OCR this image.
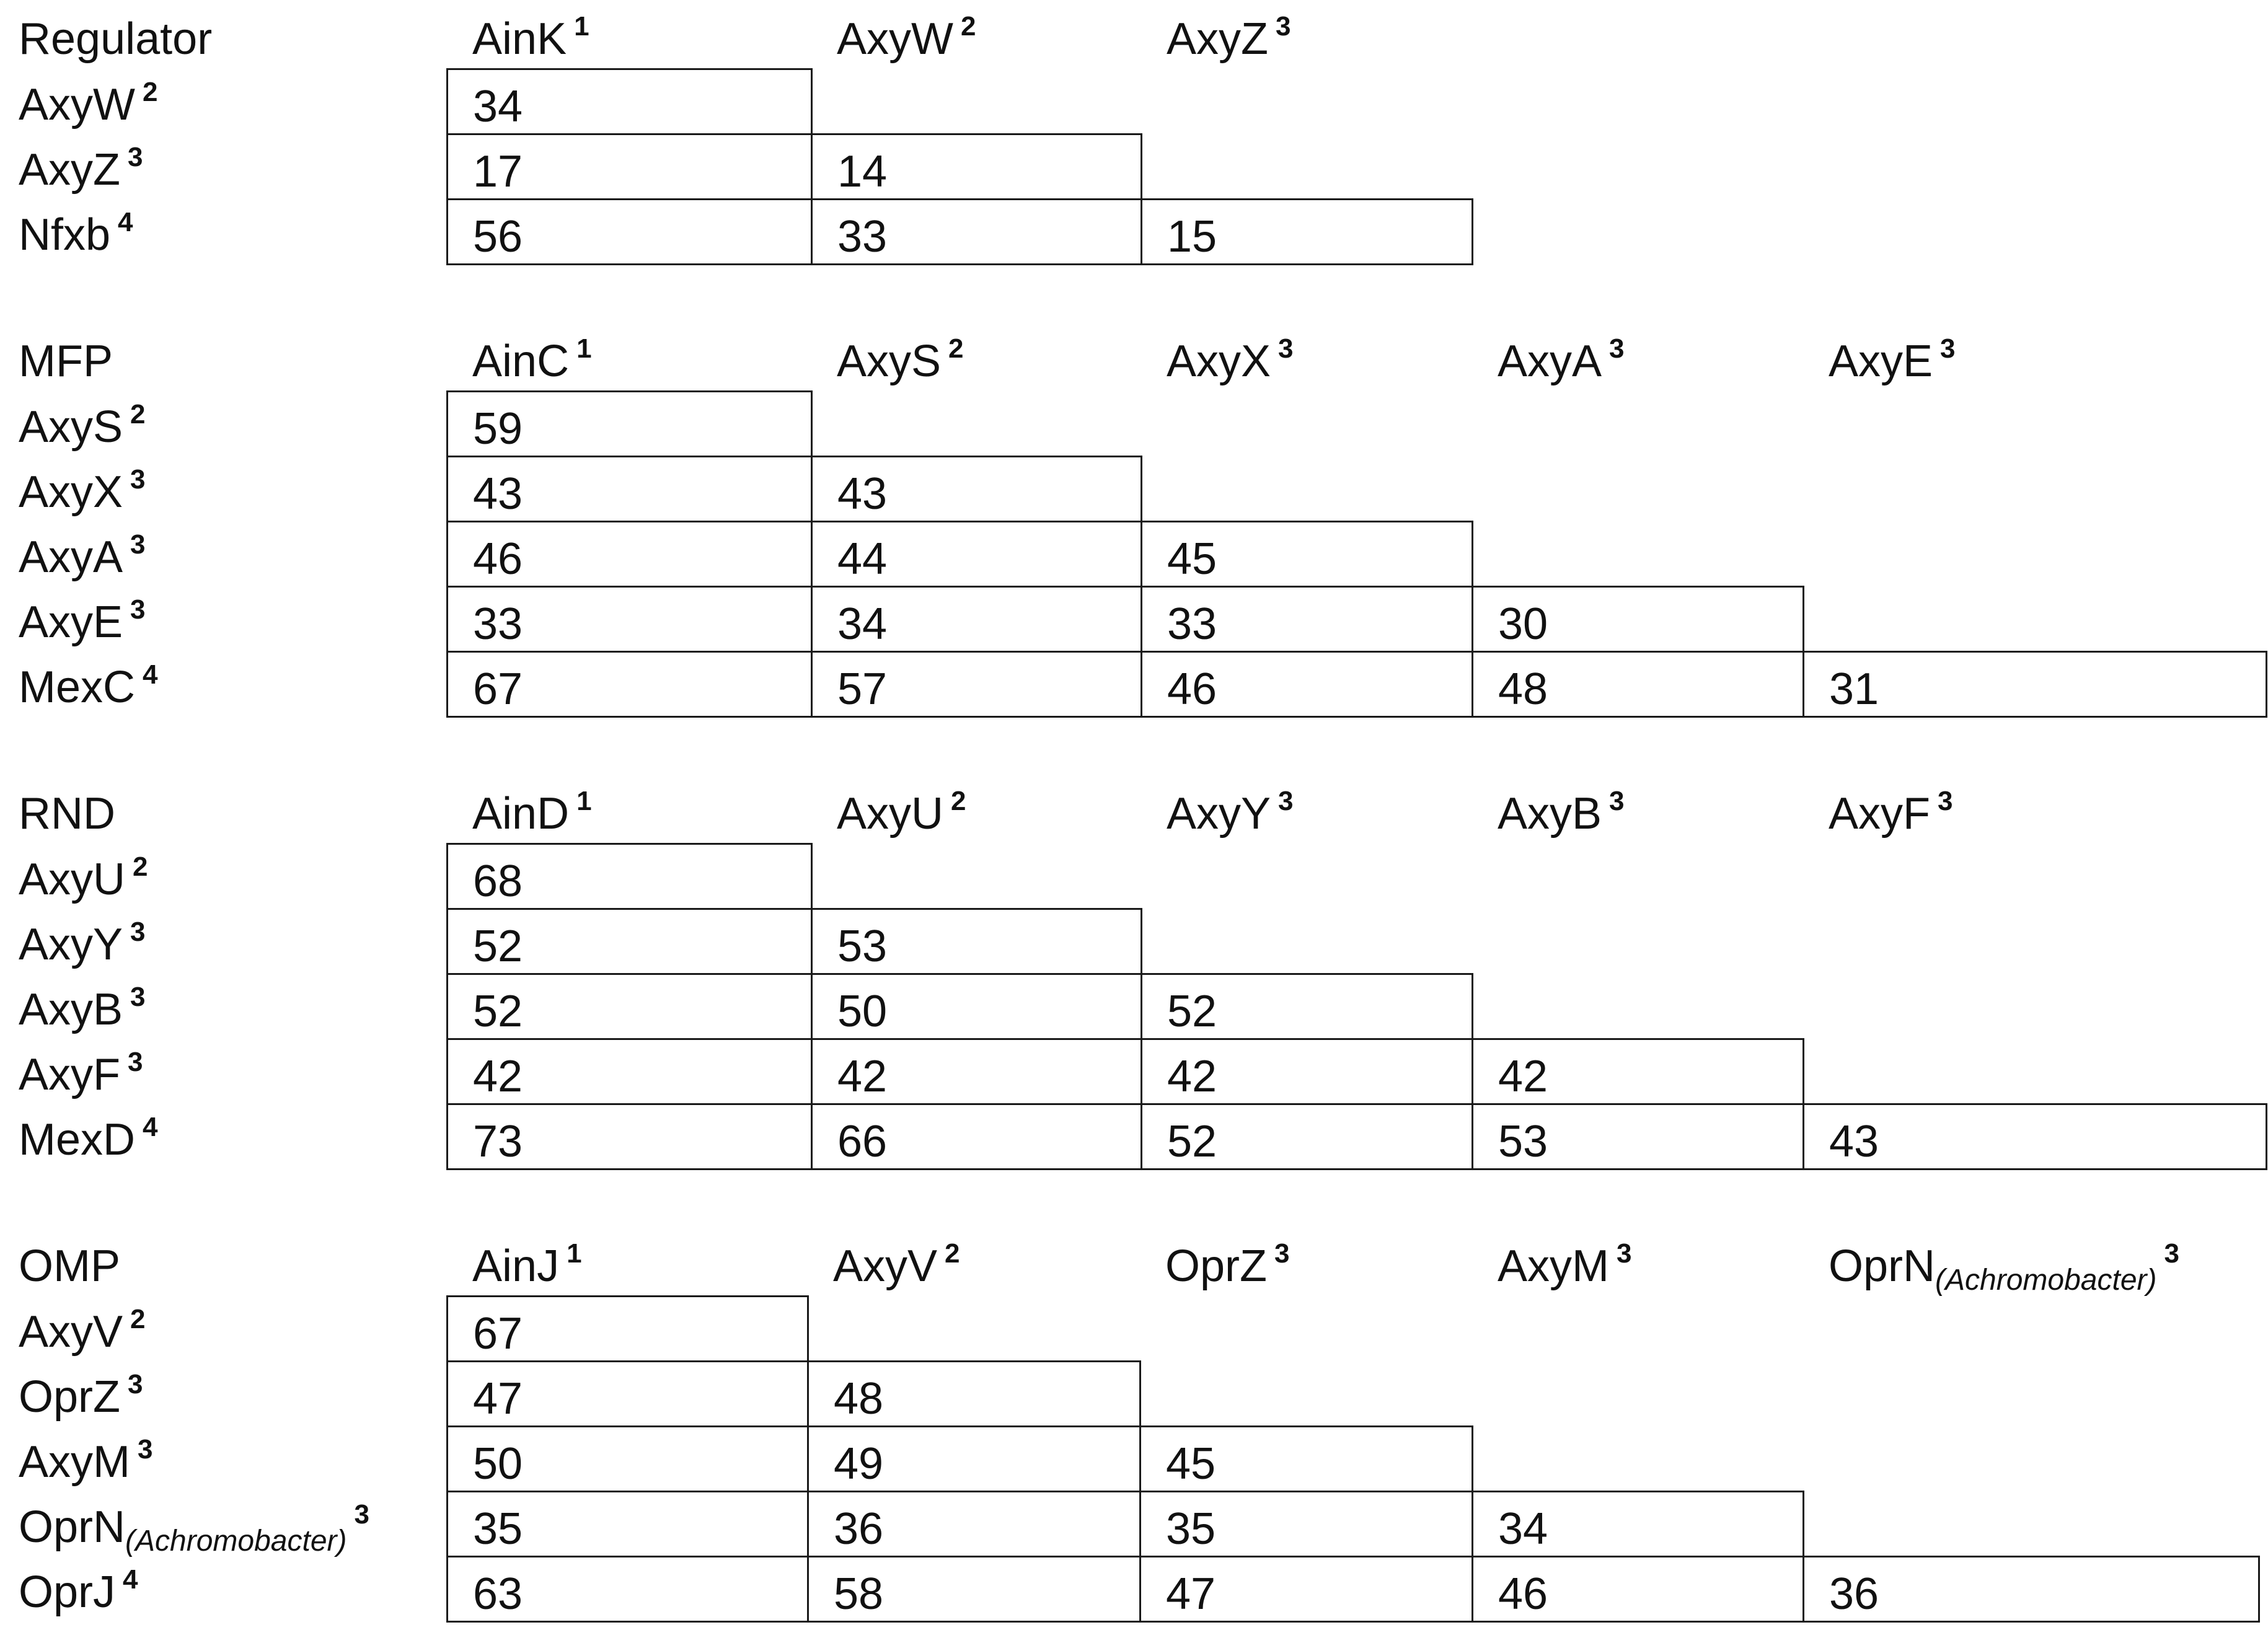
Regulator	AinK $^1$	AxyW $^2$	AxyZ $^3$
AxyW $^2$	34
AxyZ $^3$	17	14
Nfxb $^4$	56	33	15
MFP	AinC $^1$	AxyS $^2$	AxyX $^3$	AxyA $^3$	AxyE $^3$
AxyS $^2$	59
AxyX $^3$	43	43
AxyA $^3$	46	44	45
AxyE $^3$	33	34	33	30
MexC $^4$	67	57	46	48	31
RND	AinD $^1$	AxyU $^2$	AxyY $^3$	AxyB $^3$	AxyF $^3$
AxyU $^2$	68
AxyY $^3$	52	53
AxyB $^3$	52	50	52
AxyF $^3$	42	42	42	42
MexD $^4$	73	66	52	53	43
OMP	AinJ $^1$	AxyV $^2$	OprZ $^3$	AxyM $^3$	OprN(Achromobacter)$^3$
AxyV $^2$	67
OprZ $^3$	47	48
AxyM $^3$	50	49	45
OprN(Achromobacter)$^3$ 35	36	35	34
OprJ $^4$	63	58	47	46	36
